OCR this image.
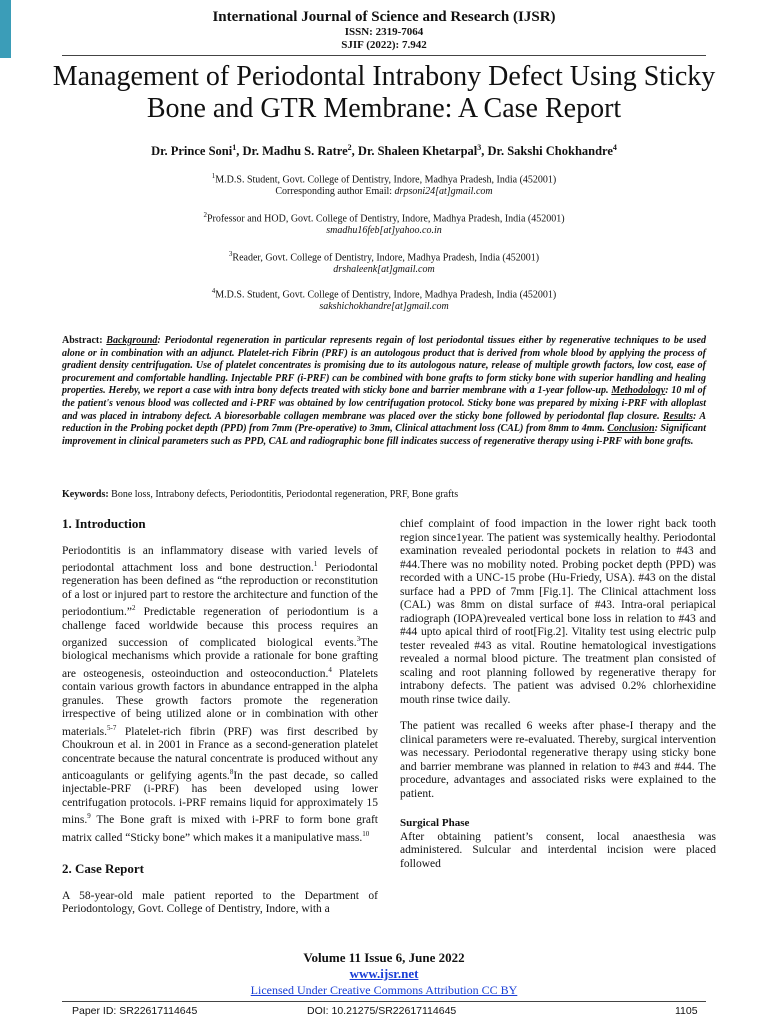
International Journal of Science and Research (IJSR)
ISSN: 2319-7064
SJIF (2022): 7.942
Management of Periodontal Intrabony Defect Using Sticky Bone and GTR Membrane: A Case Report
Dr. Prince Soni$^1$, Dr. Madhu S. Ratre$^2$, Dr. Shaleen Khetarpal$^3$, Dr. Sakshi Chokhandre$^4$
$^1$M.D.S. Student, Govt. College of Dentistry, Indore, Madhya Pradesh, India (452001)
Corresponding author Email: drpsoni24[at]gmail.com
$^2$Professor and HOD, Govt. College of Dentistry, Indore, Madhya Pradesh, India (452001)
smadhu16feb[at]yahoo.co.in
$^3$Reader, Govt. College of Dentistry, Indore, Madhya Pradesh, India (452001)
drshaleenk[at]gmail.com
$^4$M.D.S. Student, Govt. College of Dentistry, Indore, Madhya Pradesh, India (452001)
sakshichokhandre[at]gmail.com
Abstract: Background: Periodontal regeneration in particular represents regain of lost periodontal tissues either by regenerative techniques to be used alone or in combination with an adjunct. Platelet-rich Fibrin (PRF) is an autologous product that is derived from whole blood by applying the process of gradient density centrifugation. Use of platelet concentrates is promising due to its autologous nature, release of multiple growth factors, low cost, ease of procurement and comfortable handling. Injectable PRF (i-PRF) can be combined with bone grafts to form sticky bone with superior handling and healing properties. Hereby, we report a case with intra bony defects treated with sticky bone and barrier membrane with a 1-year follow-up. Methodology: 10 ml of the patient's venous blood was collected and i-PRF was obtained by low centrifugation protocol. Sticky bone was prepared by mixing i-PRF with alloplast and was placed in intrabony defect. A bioresorbable collagen membrane was placed over the sticky bone followed by periodontal flap closure. Results: A reduction in the Probing pocket depth (PPD) from 7mm (Pre-operative) to 3mm, Clinical attachment loss (CAL) from 8mm to 4mm. Conclusion: Significant improvement in clinical parameters such as PPD, CAL and radiographic bone fill indicates success of regenerative therapy using i-PRF with bone grafts.
Keywords: Bone loss, Intrabony defects, Periodontitis, Periodontal regeneration, PRF, Bone grafts
1. Introduction

Periodontitis is an inflammatory disease with varied levels of periodontal attachment loss and bone destruction.$^1$ Periodontal regeneration has been defined as “the reproduction or reconstitution of a lost or injured part to restore the architecture and function of the periodontium.”$^2$ Predictable regeneration of periodontium is a challenge faced worldwide because this process requires an organized succession of complicated biological events.$^3$The biological mechanisms which provide a rationale for bone grafting are osteogenesis, osteoinduction and osteoconduction.$^4$ Platelets contain various growth factors in abundance entrapped in the alpha granules. These growth factors promote the regeneration irrespective of being utilized alone or in combination with other materials.$^{5-7}$ Platelet-rich fibrin (PRF) was first described by Choukroun et al. in 2001 in France as a second-generation platelet concentrate because the natural concentrate is produced without any anticoagulants or gelifying agents.$^8$In the past decade, so called injectable-PRF (i-PRF) has been developed using lower centrifugation protocols. i-PRF remains liquid for approximately 15 mins.$^9$ The Bone graft is mixed with i-PRF to form bone graft matrix called “Sticky bone” which makes it a manipulative mass.$^{10}$

2. Case Report

A 58-year-old male patient reported to the Department of Periodontology, Govt. College of Dentistry, Indore, with a

chief complaint of food impaction in the lower right back tooth region since1year. The patient was systemically healthy. Periodontal examination revealed periodontal pockets in relation to #43 and #44.There was no mobility noted. Probing pocket depth (PPD) was recorded with a UNC-15 probe (Hu-Friedy, USA). #43 on the distal surface had a PPD of 7mm [Fig.1]. The Clinical attachment loss (CAL) was 8mm on distal surface of #43. Intra-oral periapical radiograph (IOPA)revealed vertical bone loss in relation to #43 and #44 upto apical third of root[Fig.2]. Vitality test using electric pulp tester revealed #43 as vital. Routine hematological investigations revealed a normal blood picture. The treatment plan consisted of scaling and root planning followed by regenerative therapy for intrabony defects. The patient was advised 0.2% chlorhexidine mouth rinse twice daily.

The patient was recalled 6 weeks after phase-I therapy and the clinical parameters were re-evaluated. Thereby, surgical intervention was necessary. Periodontal regenerative therapy using sticky bone and barrier membrane was planned in relation to #43 and #44. The procedure, advantages and associated risks were explained to the patient.

Surgical Phase

After obtaining patient’s consent, local anaesthesia was administered. Sulcular and interdental incision were placed followed

Volume 11 Issue 6, June 2022
www.ijsr.net
Licensed Under Creative Commons Attribution CC BY
Paper ID: SR22617114645	DOI: 10.21275/SR22617114645	1105
